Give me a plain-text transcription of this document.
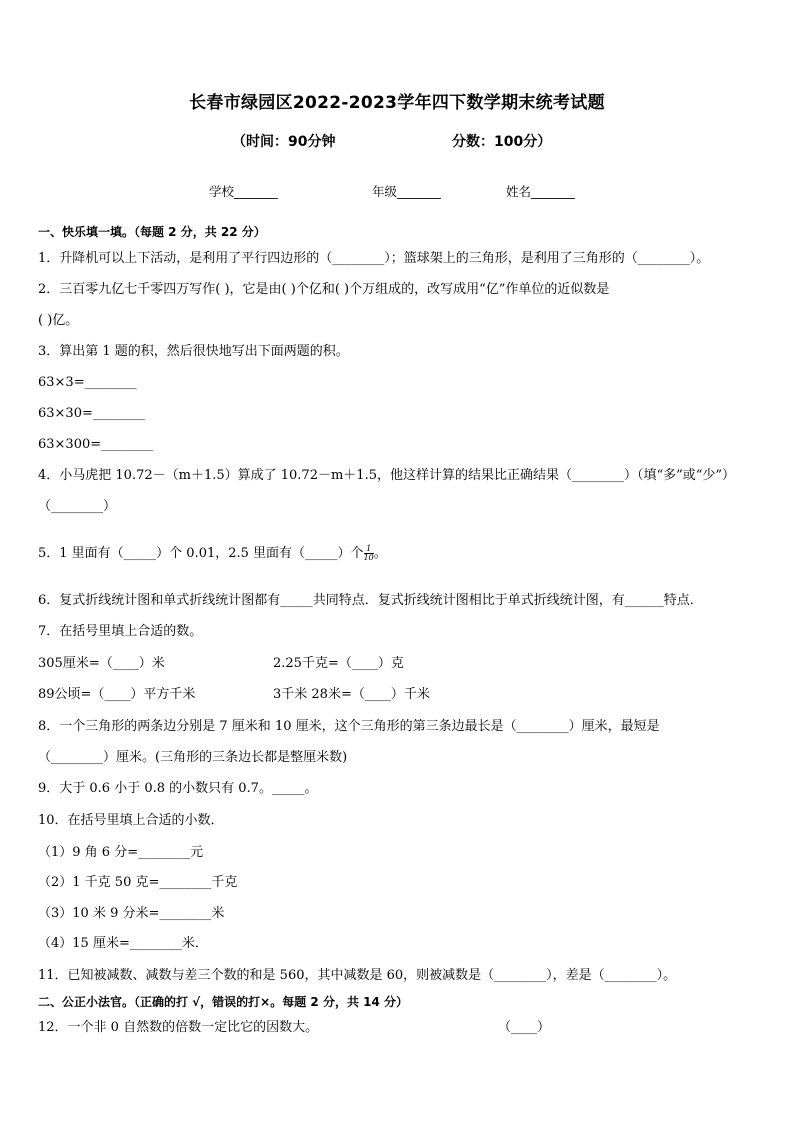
长春市绿园区2022-2023学年四下数学期末统考试题
（时间：90分钟	分数：100分）
学校_______	年级_______	姓名_______
一、快乐填一填。（每题 2 分，共 22 分）
1．升降机可以上下活动，是利用了平行四边形的（________）；篮球架上的三角形，是利用了三角形的（________）。
2．三百零九亿七千零四万写作( )，它是由( )个亿和( )个万组成的，改写成用“亿”作单位的近似数是
( )亿。
3．算出第 1 题的积，然后很快地写出下面两题的积。
63×3=________
63×30=________
63×300=________
4．小马虎把 10.72－（m＋1.5）算成了 10.72－m＋1.5，他这样计算的结果比正确结果（________）（填“多”或“少”）
（________）
5．1 里面有（_____）个 0.01，2.5 里面有（_____）个 $\frac{1}{10}$ 。
6．复式折线统计图和单式折线统计图都有_____共同特点．复式折线统计图相比于单式折线统计图，有______特点．
7．在括号里填上合适的数。
305厘米=（____）米	2.25千克=（____）克
89公顷=（____）平方千米	3千米 28米=（____）千米
8．一个三角形的两条边分别是 7 厘米和 10 厘米，这个三角形的第三条边最长是（________）厘米，最短是
（________）厘米。(三角形的三条边长都是整厘米数)
9．大于 0.6 小于 0.8 的小数只有 0.7。_____。
10．在括号里填上合适的小数．
（1）9 角 6 分=________元
（2）1 千克 50 克=________千克
（3）10 米 9 分米=________米
（4）15 厘米=________米．
11．已知被减数、减数与差三个数的和是 560，其中减数是 60，则被减数是（________），差是（________）。
二、公正小法官。（正确的打 √，错误的打×。每题 2 分，共 14 分）
12．一个非 0 自然数的倍数一定比它的因数大。	（____）
